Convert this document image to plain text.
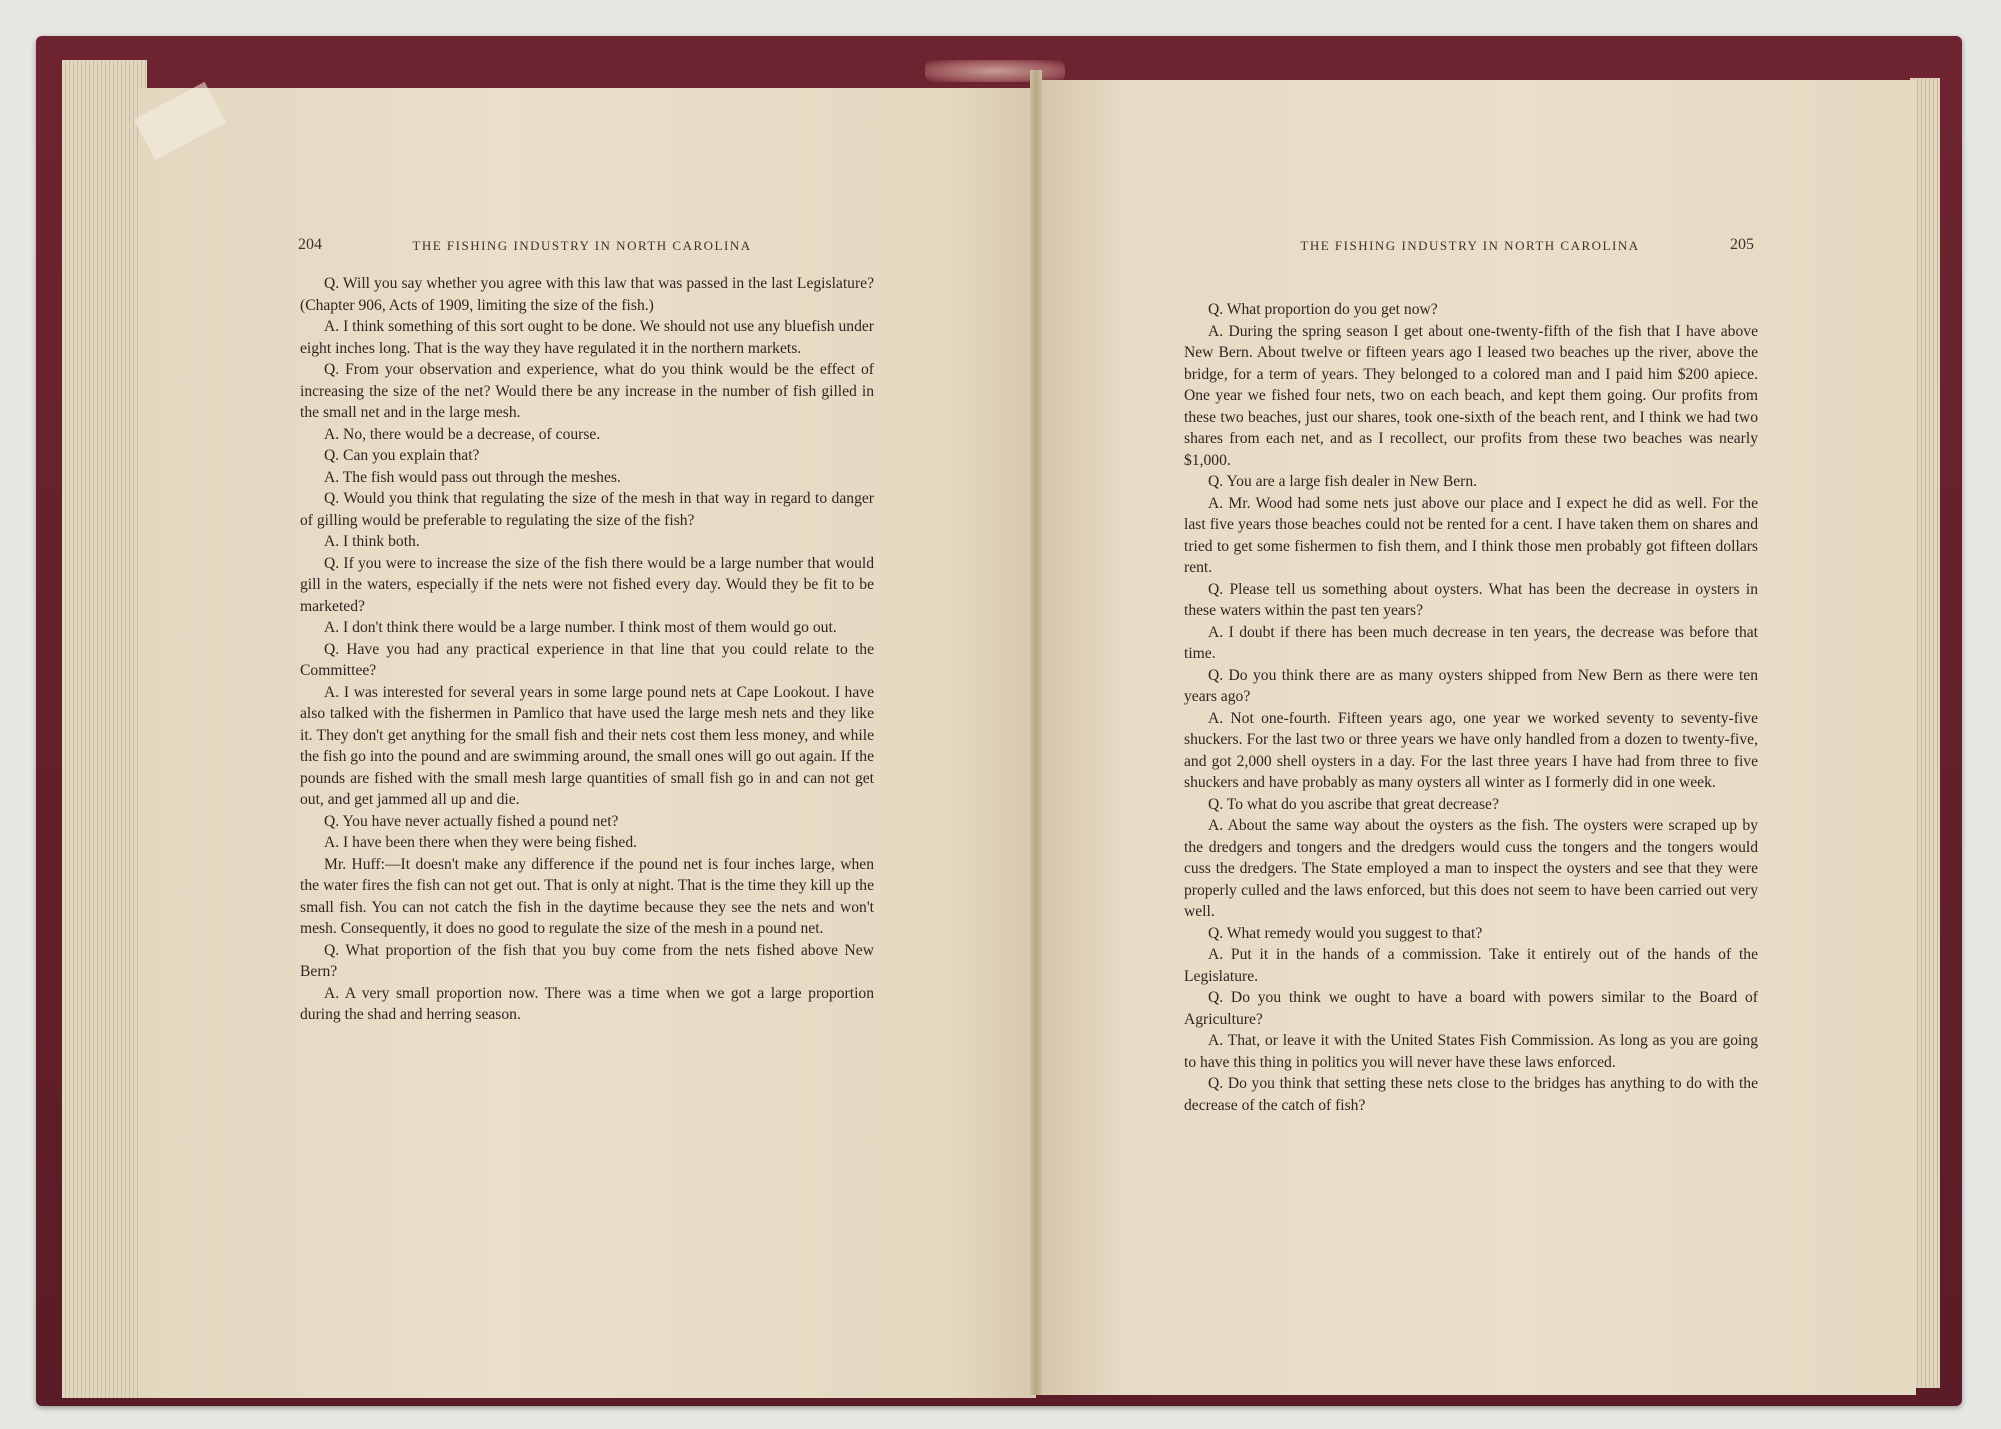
204	THE FISHING INDUSTRY IN NORTH CAROLINA	THE FISHING INDUSTRY IN NORTH CAROLINA	205

Q. Will you say whether you agree with this law that was passed in the last Legislature? (Chapter 906, Acts of 1909, limiting the size of the fish.)

A. I think something of this sort ought to be done. We should not use any bluefish under eight inches long. That is the way they have regulated it in the northern markets.

Q. From your observation and experience, what do you think would be the effect of increasing the size of the net? Would there be any increase in the number of fish gilled in the small net and in the large mesh.

A. No, there would be a decrease, of course.

Q. Can you explain that?

A. The fish would pass out through the meshes.

Q. Would you think that regulating the size of the mesh in that way in regard to danger of gilling would be preferable to regulating the size of the fish?

A. I think both.

Q. If you were to increase the size of the fish there would be a large number that would gill in the waters, especially if the nets were not fished every day. Would they be fit to be marketed?

A. I don't think there would be a large number. I think most of them would go out.

Q. Have you had any practical experience in that line that you could relate to the Committee?

A. I was interested for several years in some large pound nets at Cape Lookout. I have also talked with the fishermen in Pamlico that have used the large mesh nets and they like it. They don't get anything for the small fish and their nets cost them less money, and while the fish go into the pound and are swimming around, the small ones will go out again. If the pounds are fished with the small mesh large quantities of small fish go in and can not get out, and get jammed all up and die.

Q. You have never actually fished a pound net?

A. I have been there when they were being fished.

Mr. Huff:—It doesn't make any difference if the pound net is four inches large, when the water fires the fish can not get out. That is only at night. That is the time they kill up the small fish. You can not catch the fish in the daytime because they see the nets and won't mesh. Consequently, it does no good to regulate the size of the mesh in a pound net.

Q. What proportion of the fish that you buy come from the nets fished above New Bern?

A. A very small proportion now. There was a time when we got a large proportion during the shad and herring season.

Q. What proportion do you get now?

A. During the spring season I get about one-twenty-fifth of the fish that I have above New Bern. About twelve or fifteen years ago I leased two beaches up the river, above the bridge, for a term of years. They belonged to a colored man and I paid him $200 apiece. One year we fished four nets, two on each beach, and kept them going. Our profits from these two beaches, just our shares, took one-sixth of the beach rent, and I think we had two shares from each net, and as I recollect, our profits from these two beaches was nearly $1,000.

Q. You are a large fish dealer in New Bern.

A. Mr. Wood had some nets just above our place and I expect he did as well. For the last five years those beaches could not be rented for a cent. I have taken them on shares and tried to get some fishermen to fish them, and I think those men probably got fifteen dollars rent.

Q. Please tell us something about oysters. What has been the decrease in oysters in these waters within the past ten years?

A. I doubt if there has been much decrease in ten years, the decrease was before that time.

Q. Do you think there are as many oysters shipped from New Bern as there were ten years ago?

A. Not one-fourth. Fifteen years ago, one year we worked seventy to seventy-five shuckers. For the last two or three years we have only handled from a dozen to twenty-five, and got 2,000 shell oysters in a day. For the last three years I have had from three to five shuckers and have probably as many oysters all winter as I formerly did in one week.

Q. To what do you ascribe that great decrease?

A. About the same way about the oysters as the fish. The oysters were scraped up by the dredgers and tongers and the dredgers would cuss the tongers and the tongers would cuss the dredgers. The State employed a man to inspect the oysters and see that they were properly culled and the laws enforced, but this does not seem to have been carried out very well.

Q. What remedy would you suggest to that?

A. Put it in the hands of a commission. Take it entirely out of the hands of the Legislature.

Q. Do you think we ought to have a board with powers similar to the Board of Agriculture?

A. That, or leave it with the United States Fish Commission. As long as you are going to have this thing in politics you will never have these laws enforced.

Q. Do you think that setting these nets close to the bridges has anything to do with the decrease of the catch of fish?
